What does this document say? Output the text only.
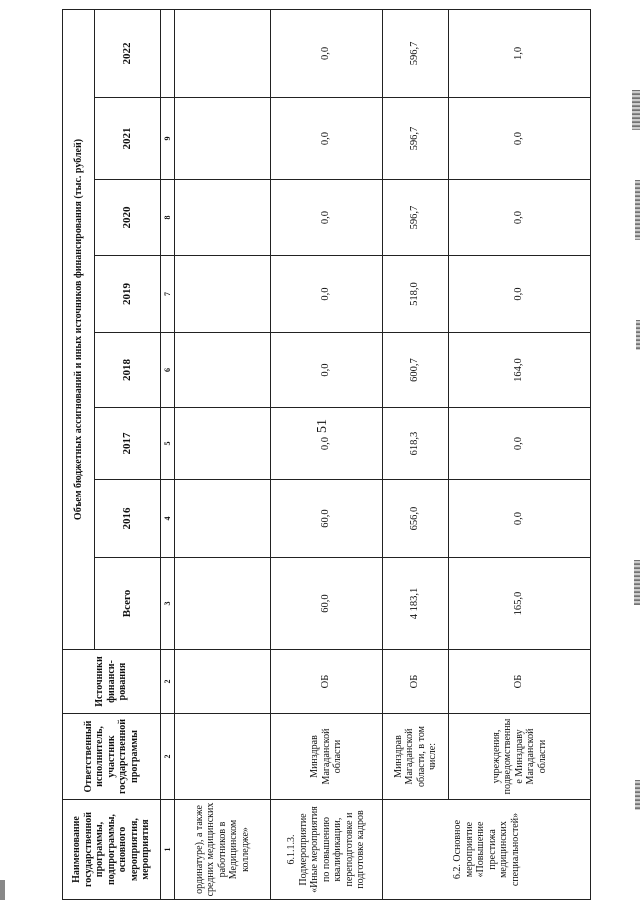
51
Наименование государственной программы, подпрограммы, основного мероприятия, мероприятия	Ответственный исполнитель, участник государственной программы	Источники финанси-рования	Объем бюджетных ассигнований и иных источников финансирования (тыс. рублей)							
			Всего	2016	2017	2018	2019	2020	2021	2022
1	2	2	3	4	5	6	7	8	9	
ординатуре), а также средних медицинских работников в Медицинском колледже»										
6.1.1.3. Подмероприятие «Иные мероприятия по повышению квалификации, переподготовке и подготовке кадров	Минздрав Магаданской области	ОБ	60,0	60,0	0,0	0,0	0,0	0,0	0,0	0,0
6.2. Основное мероприятие «Повышение престижа медицинских специальностей»	Минздрав Магаданской области, в том числе:	ОБ	4 183,1	656,0	618,3	600,7	518,0	596,7	596,7	596,7
	учреждения, подведомственны е Минздраву Магаданской области	ОБ	165,0	0,0	0,0	164,0	0,0	0,0	0,0	1,0
